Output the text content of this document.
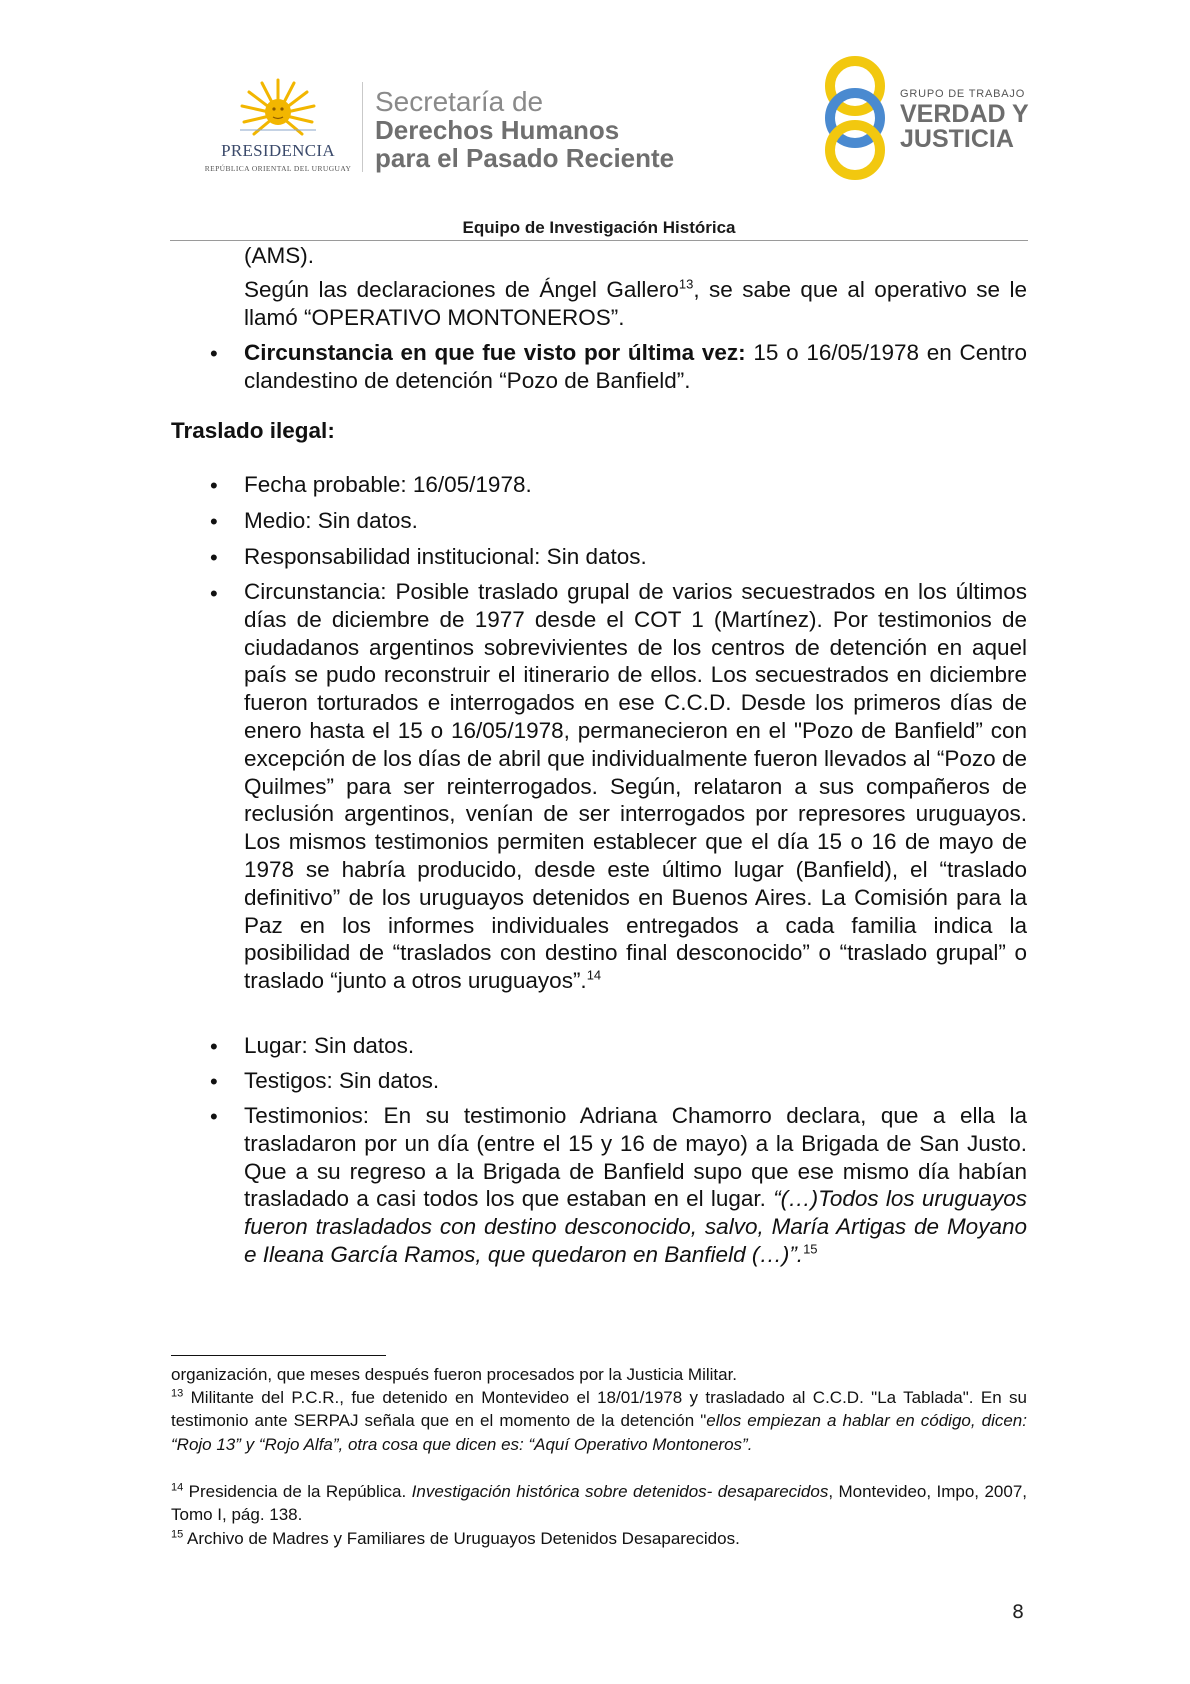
PRESIDENCIA
REPÚBLICA ORIENTAL DEL URUGUAY
Secretaría de
Derechos Humanos
para el Pasado Reciente
GRUPO DE TRABAJO
VERDAD Y
JUSTICIA
Equipo de Investigación Histórica
(AMS).
Según las declaraciones de Ángel Gallero$^{13}$, se sabe que al operativo se le llamó “OPERATIVO MONTONEROS”.
• Circunstancia en que fue visto por última vez: 15 o 16/05/1978 en Centro clandestino de detención “Pozo de Banfield”.
Traslado ilegal:
• Fecha probable: 16/05/1978.
• Medio: Sin datos.
• Responsabilidad institucional: Sin datos.
• Circunstancia: Posible traslado grupal de varios secuestrados en los últimos días de diciembre de 1977 desde el COT 1 (Martínez). Por testimonios de ciudadanos argentinos sobrevivientes de los centros de detención en aquel país se pudo reconstruir el itinerario de ellos. Los secuestrados en diciembre fueron torturados e interrogados en ese C.C.D. Desde los primeros días de enero hasta el 15 o 16/05/1978, permanecieron en el "Pozo de Banfield” con excepción de los días de abril que individualmente fueron llevados al “Pozo de Quilmes” para ser reinterrogados. Según, relataron a sus compañeros de reclusión argentinos, venían de ser interrogados por represores uruguayos. Los mismos testimonios permiten establecer que el día 15 o 16 de mayo de 1978 se habría producido, desde este último lugar (Banfield), el “traslado definitivo” de los uruguayos detenidos en Buenos Aires. La Comisión para la Paz en los informes individuales entregados a cada familia indica la posibilidad de “traslados con destino final desconocido” o “traslado grupal” o traslado “junto a otros uruguayos”.$^{14}$
• Lugar: Sin datos.
• Testigos: Sin datos.
• Testimonios: En su testimonio Adriana Chamorro declara, que a ella la trasladaron por un día (entre el 15 y 16 de mayo) a la Brigada de San Justo. Que a su regreso a la Brigada de Banfield supo que ese mismo día habían trasladado a casi todos los que estaban en el lugar. “(…)Todos los uruguayos fueron trasladados con destino desconocido, salvo, María Artigas de Moyano e Ileana García Ramos, que quedaron en Banfield (…)”.$^{15}$
organización, que meses después fueron procesados por la Justicia Militar.
$^{13}$ Militante del P.C.R., fue detenido en Montevideo el 18/01/1978 y trasladado al C.C.D. "La Tablada". En su testimonio ante SERPAJ señala que en el momento de la detención "ellos empiezan a hablar en código, dicen: “Rojo 13” y “Rojo Alfa”, otra cosa que dicen es: “Aquí Operativo Montoneros”.
$^{14}$ Presidencia de la República. Investigación histórica sobre detenidos- desaparecidos, Montevideo, Impo, 2007, Tomo I, pág. 138.
$^{15}$ Archivo de Madres y Familiares de Uruguayos Detenidos Desaparecidos.
8
